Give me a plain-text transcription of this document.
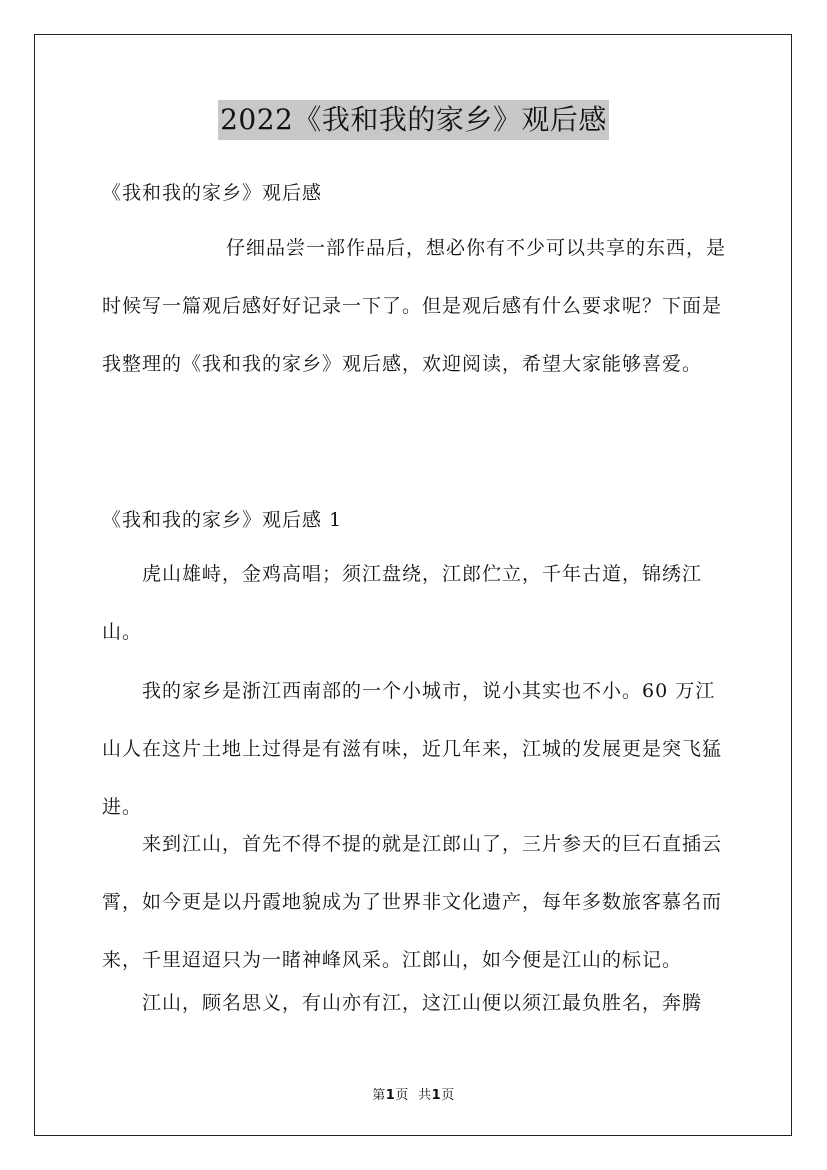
2022《我和我的家乡》观后感

《我和我的家乡》观后感

仔细品尝一部作品后，想必你有不少可以共享的东西，是时候写一篇观后感好好记录一下了。但是观后感有什么要求呢？下面是我整理的《我和我的家乡》观后感，欢迎阅读，希望大家能够喜爱。

《我和我的家乡》观后感 1

虎山雄峙，金鸡高唱；须江盘绕，江郎伫立，千年古道，锦绣江山。

我的家乡是浙江西南部的一个小城市，说小其实也不小。60 万江山人在这片土地上过得是有滋有味，近几年来，江城的发展更是突飞猛进。

来到江山，首先不得不提的就是江郎山了，三片参天的巨石直插云霄，如今更是以丹霞地貌成为了世界非文化遗产，每年多数旅客慕名而来，千里迢迢只为一睹神峰风采。江郎山，如今便是江山的标记。

江山，顾名思义，有山亦有江，这江山便以须江最负胜名，奔腾

第1页 共1页
